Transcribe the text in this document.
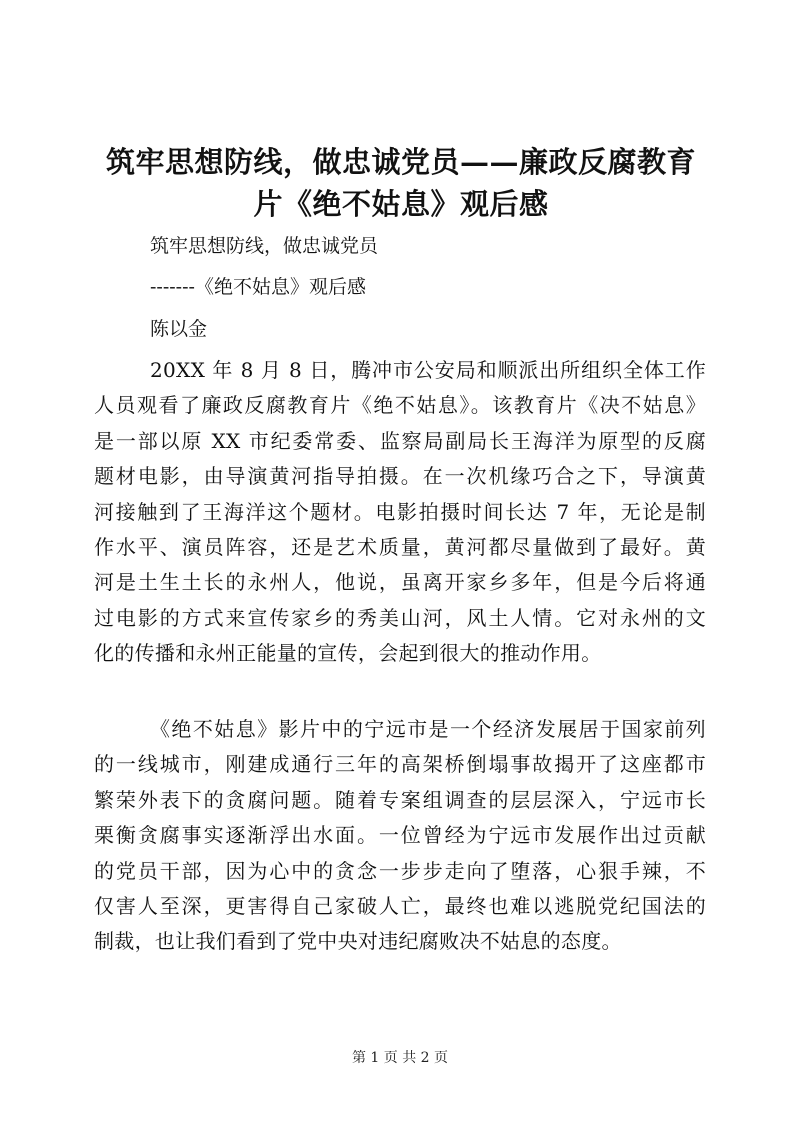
筑牢思想防线，做忠诚党员——廉政反腐教育
片《绝不姑息》观后感
筑牢思想防线，做忠诚党员
-------《绝不姑息》观后感
陈以金
20XX 年 8 月 8 日，腾冲市公安局和顺派出所组织全体工作
人员观看了廉政反腐教育片《绝不姑息》。该教育片《决不姑息》
是一部以原 XX 市纪委常委、监察局副局长王海洋为原型的反腐
题材电影，由导演黄河指导拍摄。在一次机缘巧合之下，导演黄
河接触到了王海洋这个题材。电影拍摄时间长达 7 年，无论是制
作水平、演员阵容，还是艺术质量，黄河都尽量做到了最好。黄
河是土生土长的永州人，他说，虽离开家乡多年，但是今后将通
过电影的方式来宣传家乡的秀美山河，风土人情。它对永州的文
化的传播和永州正能量的宣传，会起到很大的推动作用。
《绝不姑息》影片中的宁远市是一个经济发展居于国家前列
的一线城市，刚建成通行三年的高架桥倒塌事故揭开了这座都市
繁荣外表下的贪腐问题。随着专案组调查的层层深入，宁远市长
栗衡贪腐事实逐渐浮出水面。一位曾经为宁远市发展作出过贡献
的党员干部，因为心中的贪念一步步走向了堕落，心狠手辣，不
仅害人至深，更害得自己家破人亡，最终也难以逃脱党纪国法的
制裁，也让我们看到了党中央对违纪腐败决不姑息的态度。
第 1 页 共 2 页
